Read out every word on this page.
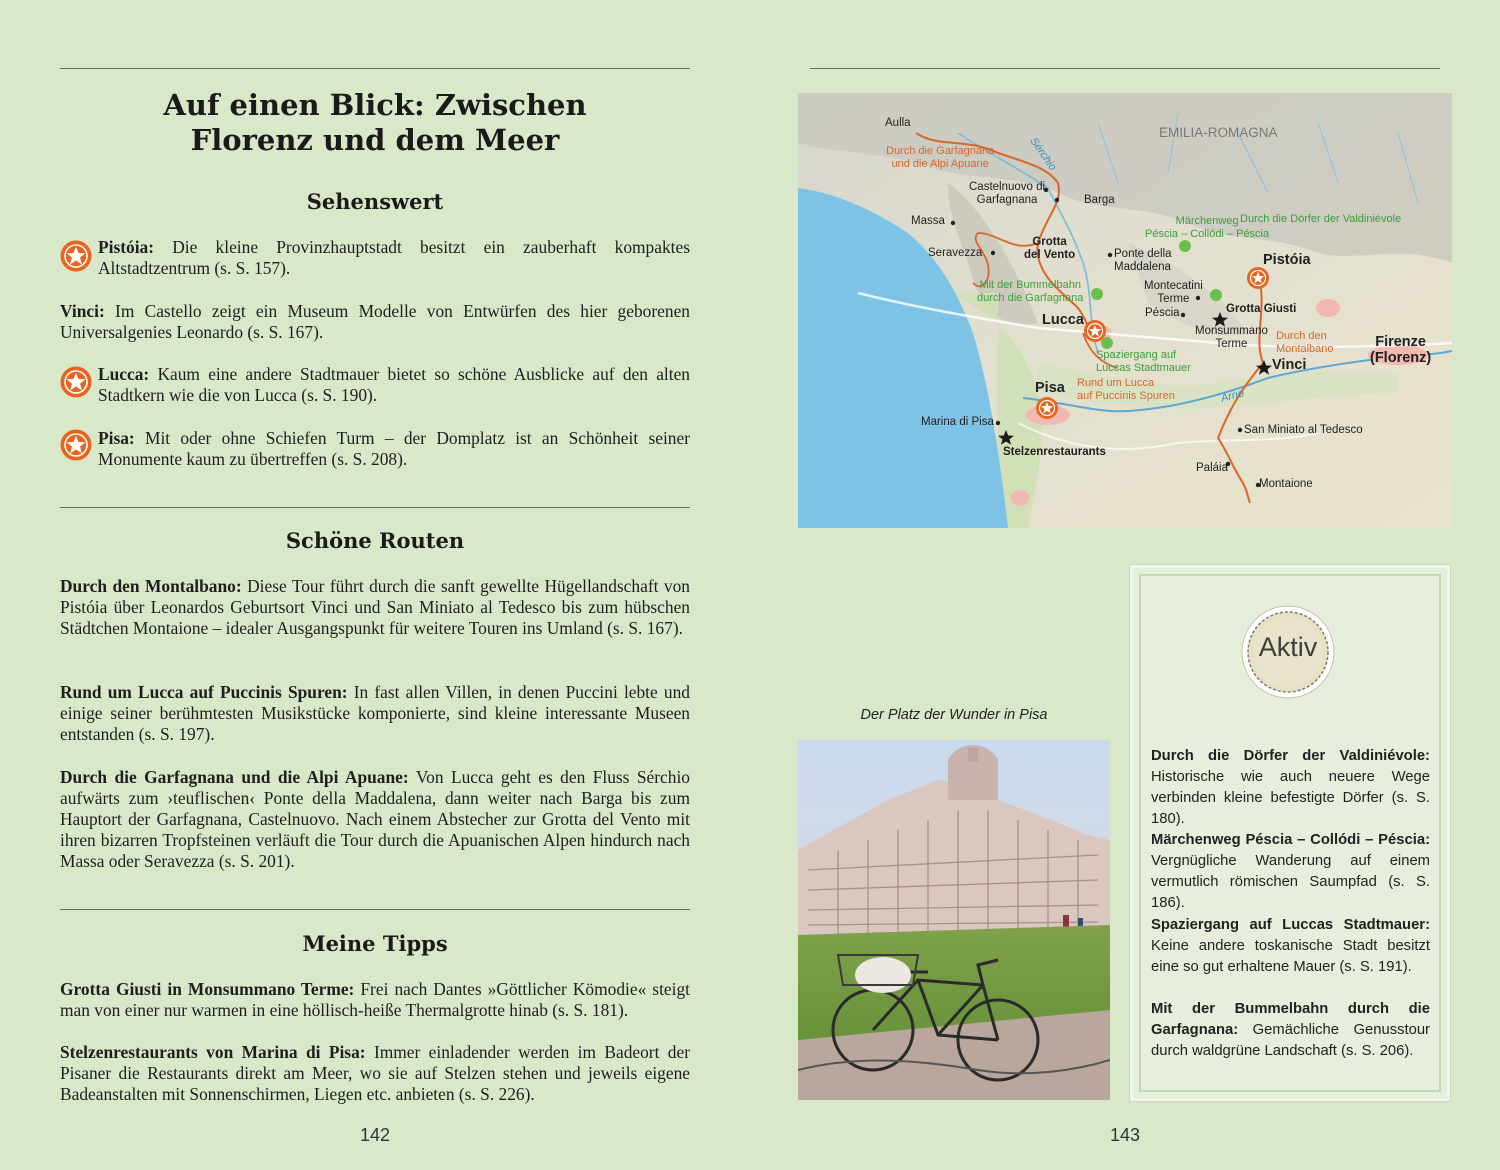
Auf einen Blick: Zwischen
Florenz und dem Meer
Sehenswert
Pistóia: Die kleine Provinzhauptstadt besitzt ein zauberhaft kompaktes Altstadtzentrum (s. S. 157).
Vinci: Im Castello zeigt ein Museum Modelle von Entwürfen des hier geborenen Universalgenies Leonardo (s. S. 167).
Lucca: Kaum eine andere Stadtmauer bietet so schöne Ausblicke auf den alten Stadtkern wie die von Lucca (s. S. 190).
Pisa: Mit oder ohne Schiefen Turm – der Domplatz ist an Schönheit seiner Monumente kaum zu übertreffen (s. S. 208).
Schöne Routen
Durch den Montalbano: Diese Tour führt durch die sanft gewellte Hügellandschaft von Pistóia über Leonardos Geburtsort Vinci und San Miniato al Tedesco bis zum hübschen Städtchen Montaione – idealer Ausgangspunkt für weitere Touren ins Umland (s. S. 167).
Rund um Lucca auf Puccinis Spuren: In fast allen Villen, in denen Puccini lebte und einige seiner berühmtesten Musikstücke komponierte, sind kleine interessante Museen entstanden (s. S. 197).
Durch die Garfagnana und die Alpi Apuane: Von Lucca geht es den Fluss Sérchio aufwärts zum ›teuflischen‹ Ponte della Maddalena, dann weiter nach Barga bis zum Hauptort der Garfagnana, Castelnuovo. Nach einem Abstecher zur Grotta del Vento mit ihren bizarren Tropfsteinen verläuft die Tour durch die Apuanischen Alpen hindurch nach Massa oder Seravezza (s. S. 201).
Meine Tipps
Grotta Giusti in Monsummano Terme: Frei nach Dantes »Göttlicher Kömodie« steigt man von einer nur warmen in eine höllisch-heiße Thermalgrotte hinab (s. S. 181).
Stelzenrestaurants von Marina di Pisa: Immer einladender werden im Badeort der Pisaner die Restaurants direkt am Meer, wo sie auf Stelzen stehen und jeweils eigene Badeanstalten mit Sonnenschirmen, Liegen etc. anbieten (s. S. 226).
142
EMILIA-ROMAGNA
Sérchio
Arno
Aulla
Durch die Garfagnana
und die Alpi Apuane
Castelnuovo di
Garfagnana	Barga
Massa
Seravezza
Grotta
del Vento	Ponte della
Maddalena
Märchenweg
Péscia – Collódi – Péscia
Durch die Dörfer der Valdiniévole
Pistóia
Mit der Bummelbahn
durch die Garfagnana
Montecatini
Terme
Péscia	Grotta Giusti
Monsummano
Terme
Lucca
Spaziergang auf
Luccas Stadtmauer
Durch den
Montalbano
Vinci
Firenze
(Florenz)
Rund um Lucca
auf Puccinis Spuren
Pisa
Marina di Pisa
Stelzenrestaurants
San Miniato al Tedesco
Paláia
Montaione
Der Platz der Wunder in Pisa
Aktiv
Durch die Dörfer der Valdiniévole: Historische wie auch neuere Wege verbinden kleine befestigte Dörfer (s. S. 180).
Märchenweg Péscia – Collódi – Péscia: Vergnügliche Wanderung auf einem vermutlich römischen Saumpfad (s. S. 186).
Spaziergang auf Luccas Stadtmauer: Keine andere toskanische Stadt besitzt eine so gut erhaltene Mauer (s. S. 191).
Mit der Bummelbahn durch die Garfagnana: Gemächliche Genusstour durch waldgrüne Landschaft (s. S. 206).
143
